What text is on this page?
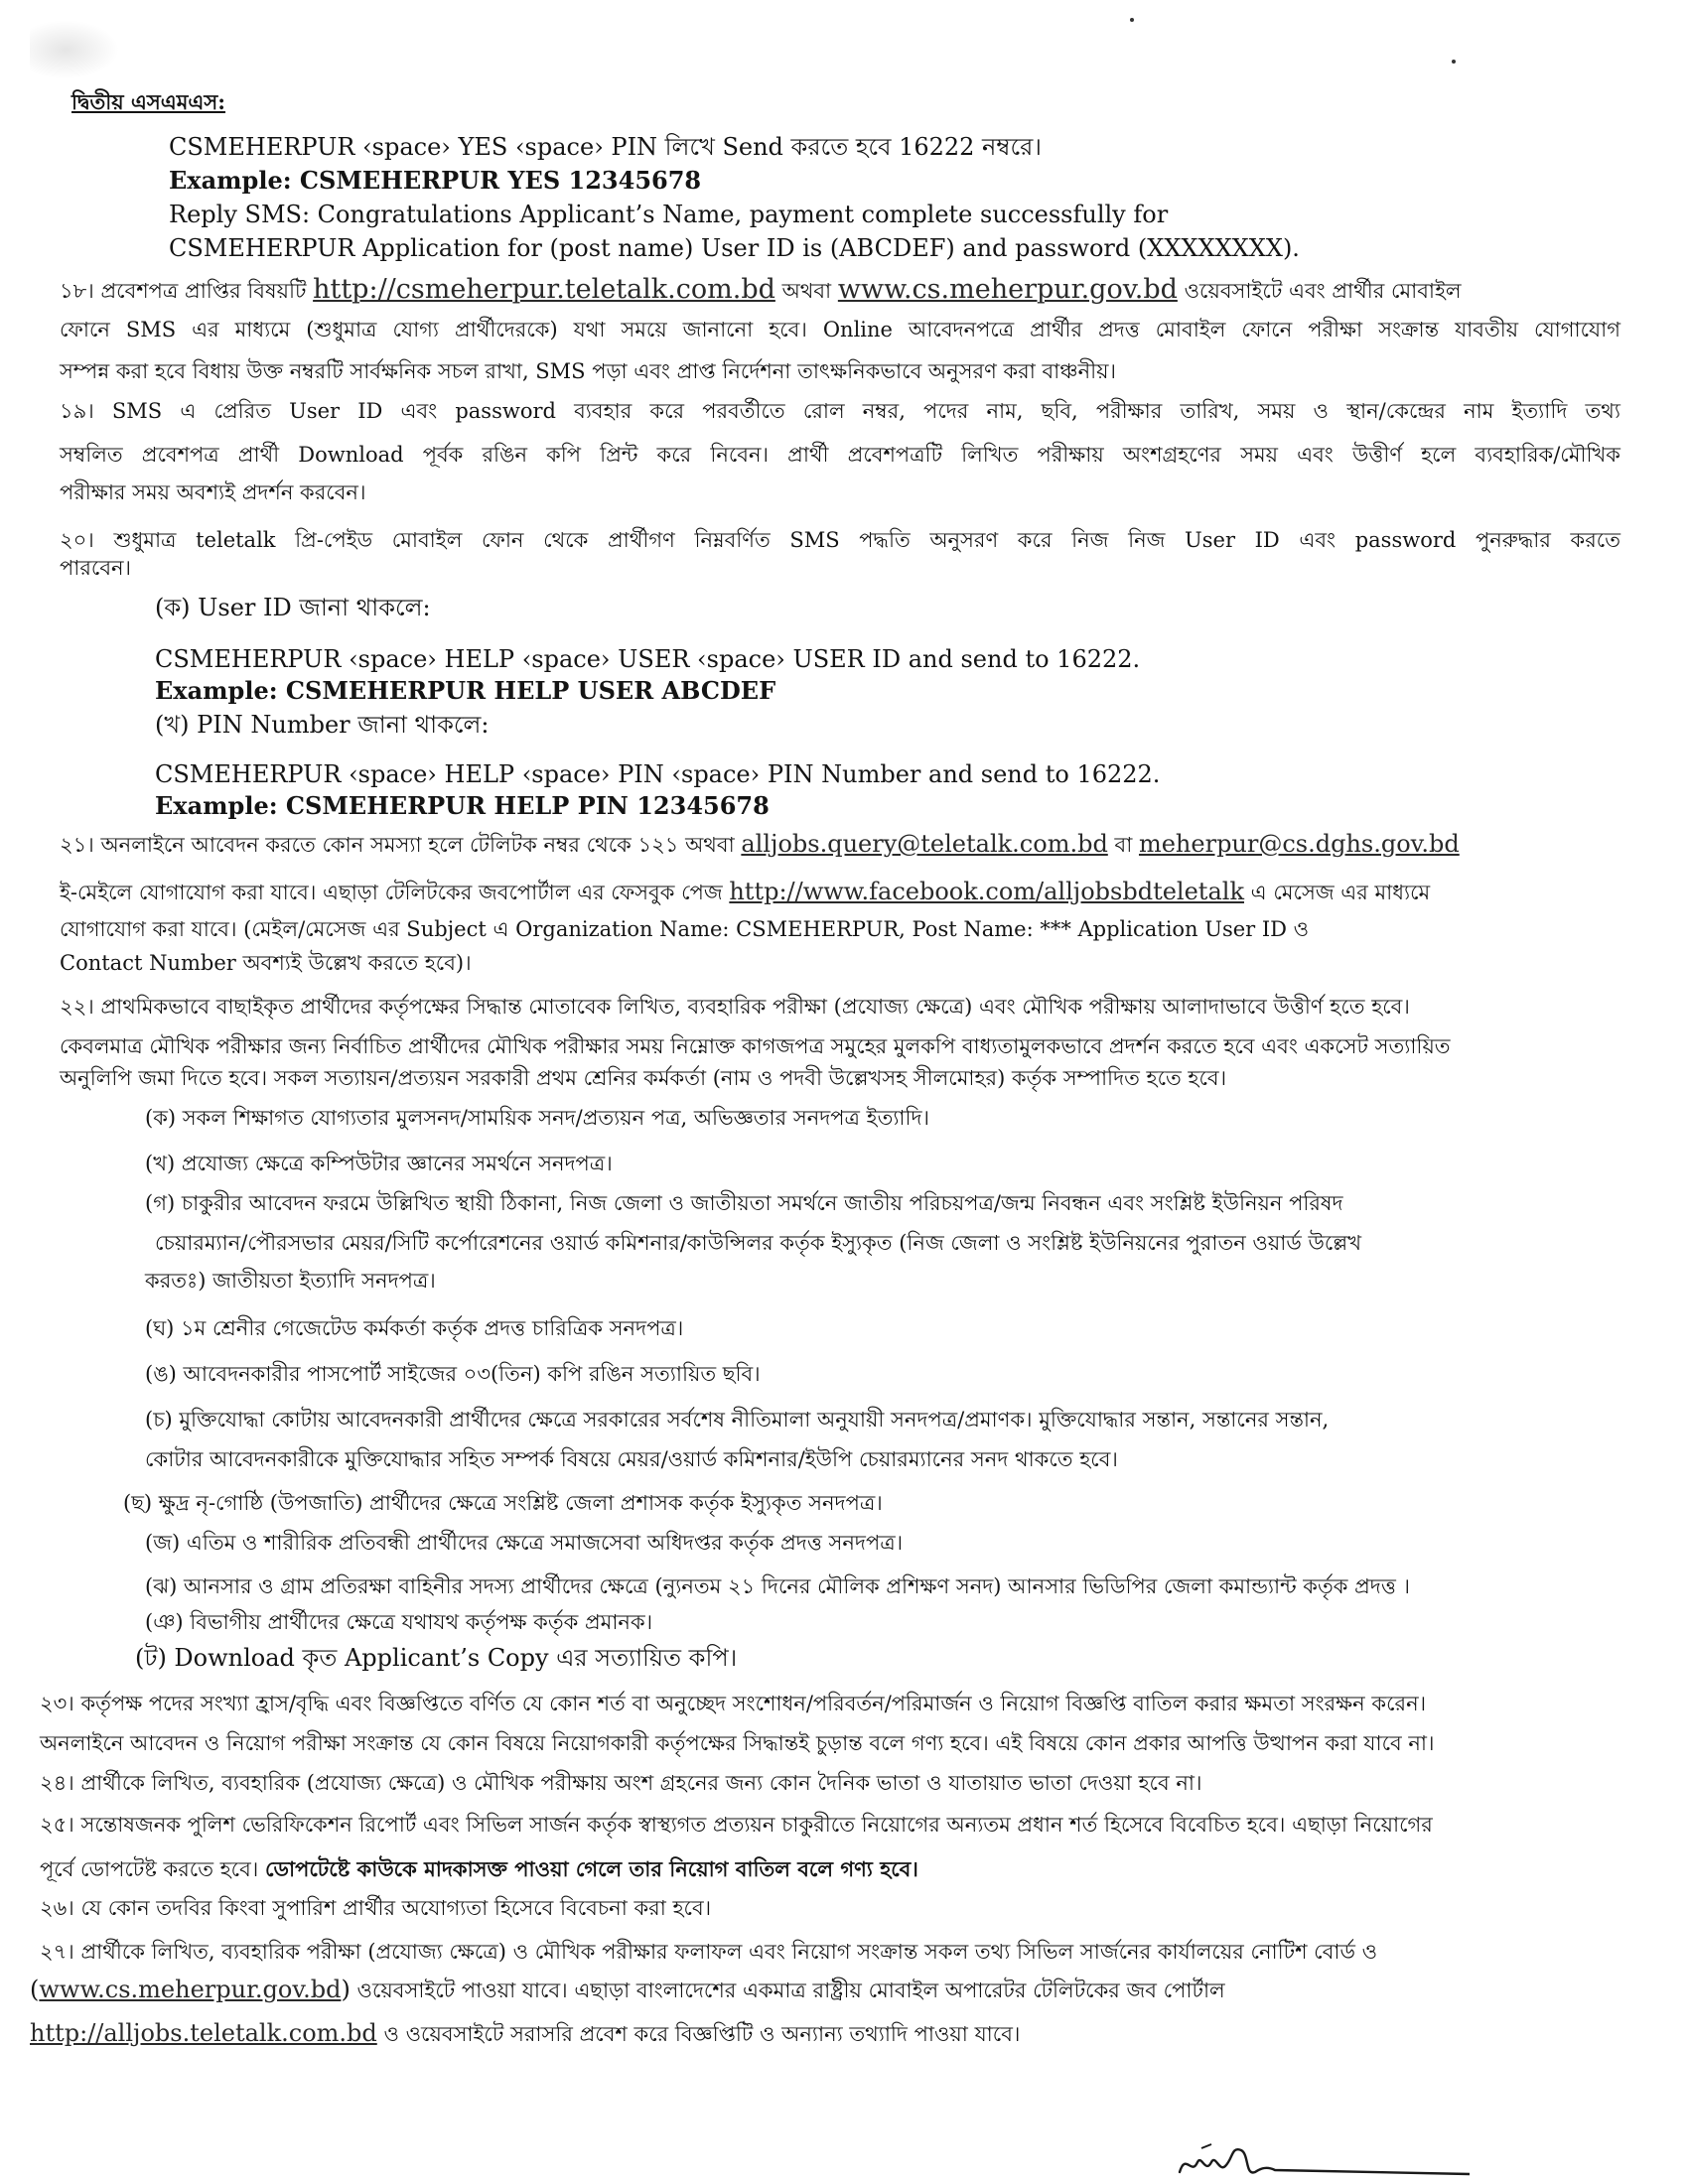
দ্বিতীয় এসএমএস:
CSMEHERPUR ‹space› YES ‹space› PIN লিখে Send করতে হবে 16222 নম্বরে।
Example: CSMEHERPUR YES 12345678
Reply SMS: Congratulations Applicant’s Name, payment complete successfully for
CSMEHERPUR Application for (post name) User ID is (ABCDEF) and password (XXXXXXXX).
১৮। প্রবেশপত্র প্রাপ্তির বিষয়টি http://csmeherpur.teletalk.com.bd অথবা www.cs.meherpur.gov.bd ওয়েবসাইটে এবং প্রার্থীর মোবাইল
ফোনে SMS এর মাধ্যমে (শুধুমাত্র যোগ্য প্রার্থীদেরকে) যথা সময়ে জানানো হবে। Online আবেদনপত্রে প্রার্থীর প্রদত্ত মোবাইল ফোনে পরীক্ষা সংক্রান্ত যাবতীয় যোগাযোগ
সম্পন্ন করা হবে বিধায় উক্ত নম্বরটি সার্বক্ষনিক সচল রাখা, SMS পড়া এবং প্রাপ্ত নির্দেশনা তাৎক্ষনিকভাবে অনুসরণ করা বাঞ্চনীয়।
১৯। SMS এ প্রেরিত User ID এবং password ব্যবহার করে পরবর্তীতে রোল নম্বর, পদের নাম, ছবি, পরীক্ষার তারিখ, সময় ও স্থান/কেন্দ্রের নাম ইত্যাদি তথ্য
সম্বলিত প্রবেশপত্র প্রার্থী Download পূর্বক রঙিন কপি প্রিন্ট করে নিবেন। প্রার্থী প্রবেশপত্রটি লিখিত পরীক্ষায় অংশগ্রহণের সময় এবং উত্তীর্ণ হলে ব্যবহারিক/মৌখিক
পরীক্ষার সময় অবশ্যই প্রদর্শন করবেন।
২০। শুধুমাত্র teletalk প্রি-পেইড মোবাইল ফোন থেকে প্রার্থীগণ নিম্নবর্ণিত SMS পদ্ধতি অনুসরণ করে নিজ নিজ User ID এবং password পুনরুদ্ধার করতে
পারবেন।
(ক) User ID জানা থাকলে:
CSMEHERPUR ‹space› HELP ‹space› USER ‹space› USER ID and send to 16222.
Example: CSMEHERPUR HELP USER ABCDEF
(খ) PIN Number জানা থাকলে:
CSMEHERPUR ‹space› HELP ‹space› PIN ‹space› PIN Number and send to 16222.
Example: CSMEHERPUR HELP PIN 12345678
২১। অনলাইনে আবেদন করতে কোন সমস্যা হলে টেলিটক নম্বর থেকে ১২১ অথবা alljobs.query@teletalk.com.bd বা meherpur@cs.dghs.gov.bd
ই-মেইলে যোগাযোগ করা যাবে। এছাড়া টেলিটকের জবপোর্টাল এর ফেসবুক পেজ http://www.facebook.com/alljobsbdteletalk এ মেসেজ এর মাধ্যমে
যোগাযোগ করা যাবে। (মেইল/মেসেজ এর Subject এ Organization Name: CSMEHERPUR, Post Name: *** Application User ID ও
Contact Number অবশ্যই উল্লেখ করতে হবে)।
২২। প্রাথমিকভাবে বাছাইকৃত প্রার্থীদের কর্তৃপক্ষের সিদ্ধান্ত মোতাবেক লিখিত, ব্যবহারিক পরীক্ষা (প্রযোজ্য ক্ষেত্রে) এবং মৌখিক পরীক্ষায় আলাদাভাবে উত্তীর্ণ হতে হবে।
কেবলমাত্র মৌখিক পরীক্ষার জন্য নির্বাচিত প্রার্থীদের মৌখিক পরীক্ষার সময় নিম্নোক্ত কাগজপত্র সমুহের মুলকপি বাধ্যতামুলকভাবে প্রদর্শন করতে হবে এবং একসেট সত্যায়িত
অনুলিপি জমা দিতে হবে। সকল সত্যায়ন/প্রত্যয়ন সরকারী প্রথম শ্রেনির কর্মকর্তা (নাম ও পদবী উল্লেখসহ সীলমোহর) কর্তৃক সম্পাদিত হতে হবে।
(ক) সকল শিক্ষাগত যোগ্যতার মুলসনদ/সাময়িক সনদ/প্রত্যয়ন পত্র, অভিজ্ঞতার সনদপত্র ইত্যাদি।
(খ) প্রযোজ্য ক্ষেত্রে কম্পিউটার জ্ঞানের সমর্থনে সনদপত্র।
(গ) চাকুরীর আবেদন ফরমে উল্লিখিত স্থায়ী ঠিকানা, নিজ জেলা ও জাতীয়তা সমর্থনে জাতীয় পরিচয়পত্র/জন্ম নিবন্ধন এবং সংশ্লিষ্ট ইউনিয়ন পরিষদ
চেয়ারম্যান/পৌরসভার মেয়র/সিটি কর্পোরেশনের ওয়ার্ড কমিশনার/কাউন্সিলর কর্তৃক ইস্যুকৃত (নিজ জেলা ও সংশ্লিষ্ট ইউনিয়নের পুরাতন ওয়ার্ড উল্লেখ
করতঃ) জাতীয়তা ইত্যাদি সনদপত্র।
(ঘ) ১ম শ্রেনীর গেজেটেড কর্মকর্তা কর্তৃক প্রদত্ত চারিত্রিক সনদপত্র।
(ঙ) আবেদনকারীর পাসপোর্ট সাইজের ০৩(তিন) কপি রঙিন সত্যায়িত ছবি।
(চ) মুক্তিযোদ্ধা কোটায় আবেদনকারী প্রার্থীদের ক্ষেত্রে সরকারের সর্বশেষ নীতিমালা অনুযায়ী সনদপত্র/প্রমাণক। মুক্তিযোদ্ধার সন্তান, সন্তানের সন্তান,
কোটার আবেদনকারীকে মুক্তিযোদ্ধার সহিত সম্পর্ক বিষয়ে মেয়র/ওয়ার্ড কমিশনার/ইউপি চেয়ারম্যানের সনদ থাকতে হবে।
(ছ) ক্ষুদ্র নৃ-গোষ্ঠি (উপজাতি) প্রার্থীদের ক্ষেত্রে সংশ্লিষ্ট জেলা প্রশাসক কর্তৃক ইস্যুকৃত সনদপত্র।
(জ) এতিম ও শারীরিক প্রতিবন্ধী প্রার্থীদের ক্ষেত্রে সমাজসেবা অধিদপ্তর কর্তৃক প্রদত্ত সনদপত্র।
(ঝ) আনসার ও গ্রাম প্রতিরক্ষা বাহিনীর সদস্য প্রার্থীদের ক্ষেত্রে (ন্যুনতম ২১ দিনের মৌলিক প্রশিক্ষণ সনদ) আনসার ভিডিপির জেলা কমান্ড্যান্ট কর্তৃক প্রদত্ত ।
(ঞ) বিভাগীয় প্রার্থীদের ক্ষেত্রে যথাযথ কর্তৃপক্ষ কর্তৃক প্রমানক।
(ট) Download কৃত Applicant’s Copy এর সত্যায়িত কপি।
২৩। কর্তৃপক্ষ পদের সংখ্যা হ্রাস/বৃদ্ধি এবং বিজ্ঞপ্তিতে বর্ণিত যে কোন শর্ত বা অনুচ্ছেদ সংশোধন/পরিবর্তন/পরিমার্জন ও নিয়োগ বিজ্ঞপ্তি বাতিল করার ক্ষমতা সংরক্ষন করেন।
অনলাইনে আবেদন ও নিয়োগ পরীক্ষা সংক্রান্ত যে কোন বিষয়ে নিয়োগকারী কর্তৃপক্ষের সিদ্ধান্তই চুড়ান্ত বলে গণ্য হবে। এই বিষয়ে কোন প্রকার আপত্তি উত্থাপন করা যাবে না।
২৪। প্রার্থীকে লিখিত, ব্যবহারিক (প্রযোজ্য ক্ষেত্রে) ও মৌখিক পরীক্ষায় অংশ গ্রহনের জন্য কোন দৈনিক ভাতা ও যাতায়াত ভাতা দেওয়া হবে না।
২৫। সন্তোষজনক পুলিশ ভেরিফিকেশন রিপোর্ট এবং সিভিল সার্জন কর্তৃক স্বাস্থ্যগত প্রত্যয়ন চাকুরীতে নিয়োগের অন্যতম প্রধান শর্ত হিসেবে বিবেচিত হবে। এছাড়া নিয়োগের
পূর্বে ডোপটেষ্ট করতে হবে। ডোপটেষ্টে কাউকে মাদকাসক্ত পাওয়া গেলে তার নিয়োগ বাতিল বলে গণ্য হবে।
২৬। যে কোন তদবির কিংবা সুপারিশ প্রার্থীর অযোগ্যতা হিসেবে বিবেচনা করা হবে।
২৭। প্রার্থীকে লিখিত, ব্যবহারিক পরীক্ষা (প্রযোজ্য ক্ষেত্রে) ও মৌখিক পরীক্ষার ফলাফল এবং নিয়োগ সংক্রান্ত সকল তথ্য সিভিল সার্জনের কার্যালয়ের নোটিশ বোর্ড ও
(www.cs.meherpur.gov.bd) ওয়েবসাইটে পাওয়া যাবে। এছাড়া বাংলাদেশের একমাত্র রাষ্ট্রীয় মোবাইল অপারেটর টেলিটকের জব পোর্টাল
http://alljobs.teletalk.com.bd ও ওয়েবসাইটে সরাসরি প্রবেশ করে বিজ্ঞপ্তিটি ও অন্যান্য তথ্যাদি পাওয়া যাবে।
